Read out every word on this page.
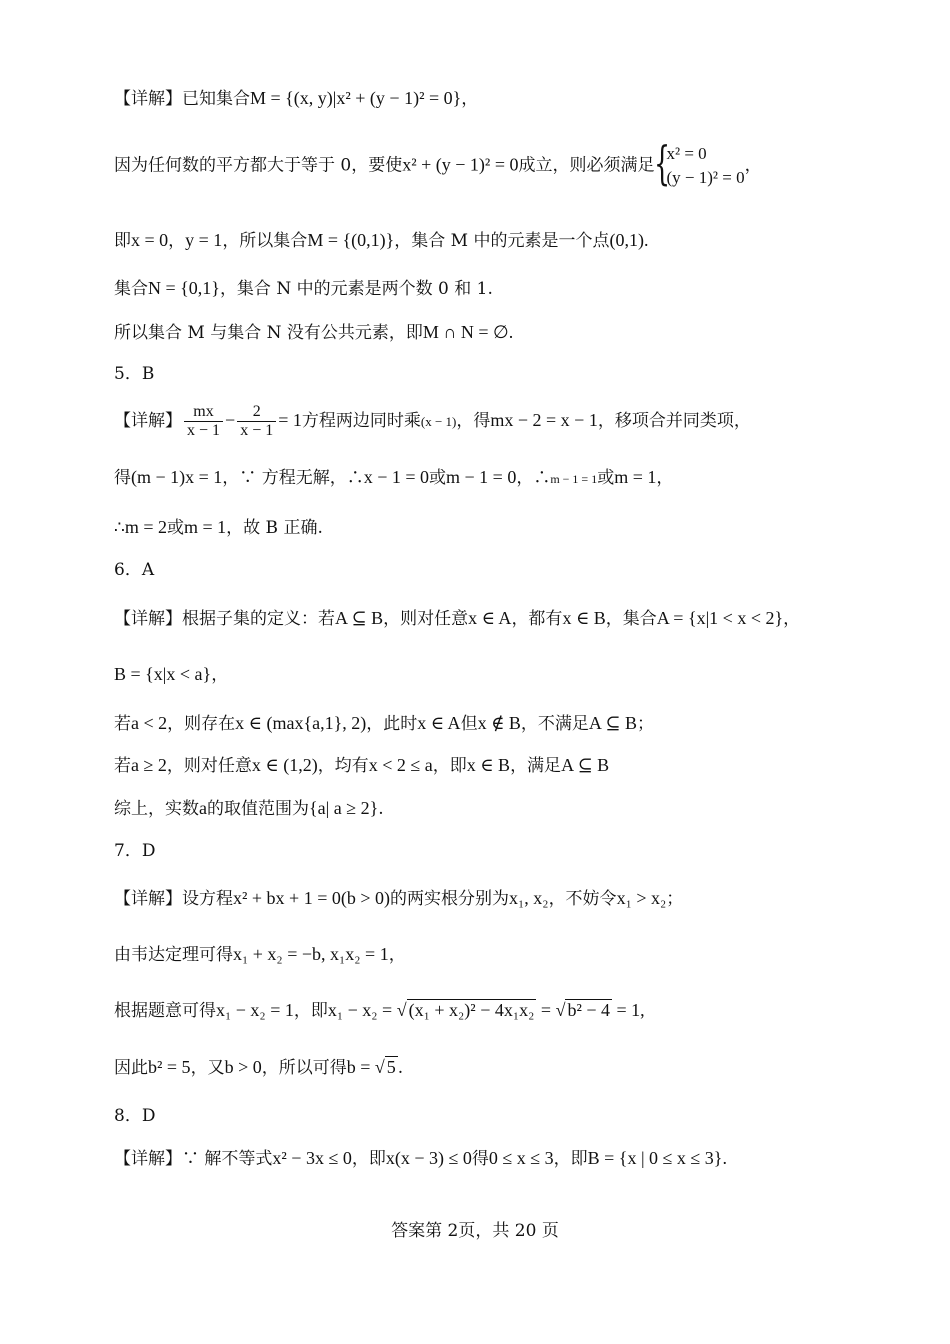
【详解】已知集合M = {(x, y)|x² + (y − 1)² = 0}，
因为任何数的平方都大于等于 0，要使x² + (y − 1)² = 0成立，则必须满足 {
x² = 0
(y − 1)² = 0
，
即x = 0，y = 1，所以集合M = {(0,1)}，集合 M 中的元素是一个点(0,1).
集合N = {0,1}，集合 N 中的元素是两个数 0 和 1.
所以集合 M 与集合 N 没有公共元素，即M ∩ N = ∅.
5．B
【详解】 $\frac{mx}{x - 1} - \frac{2}{x - 1} = 1$方程两边同时乘(x − 1)，得mx − 2 = x − 1，移项合并同类项，
得(m − 1)x = 1，∵ 方程无解，∴x − 1 = 0或m − 1 = 0，∴m − 1 = 1或m = 1，
∴m = 2或m = 1，故 B 正确.
6．A
【详解】根据子集的定义：若A ⊆ B，则对任意x ∈ A，都有x ∈ B，集合A = {x|1 < x < 2}，
B = {x|x < a}，
若a < 2，则存在x ∈ (max{a,1}, 2)，此时x ∈ A但x ∉ B，不满足A ⊆ B；
若a ≥ 2，则对任意x ∈ (1,2)，均有x < 2 ≤ a，即x ∈ B，满足A ⊆ B
综上，实数a的取值范围为{a| a ≥ 2}.
7．D
【详解】设方程x² + bx + 1 = 0(b > 0)的两实根分别为x₁, x₂，不妨令x₁ > x₂；
由韦达定理可得x₁ + x₂ = −b, x₁x₂ = 1，
根据题意可得x₁ − x₂ = 1，即x₁ − x₂ = √ (x₁ + x₂)² − 4x₁x₂ = √ b² − 4 = 1,
因此b² = 5，又b > 0，所以可得b = √ 5 .
8．D
【详解】∵ 解不等式x² − 3x ≤ 0，即x(x − 3) ≤ 0得0 ≤ x ≤ 3，即B = {x | 0 ≤ x ≤ 3}.
答案第 2页，共 20 页
